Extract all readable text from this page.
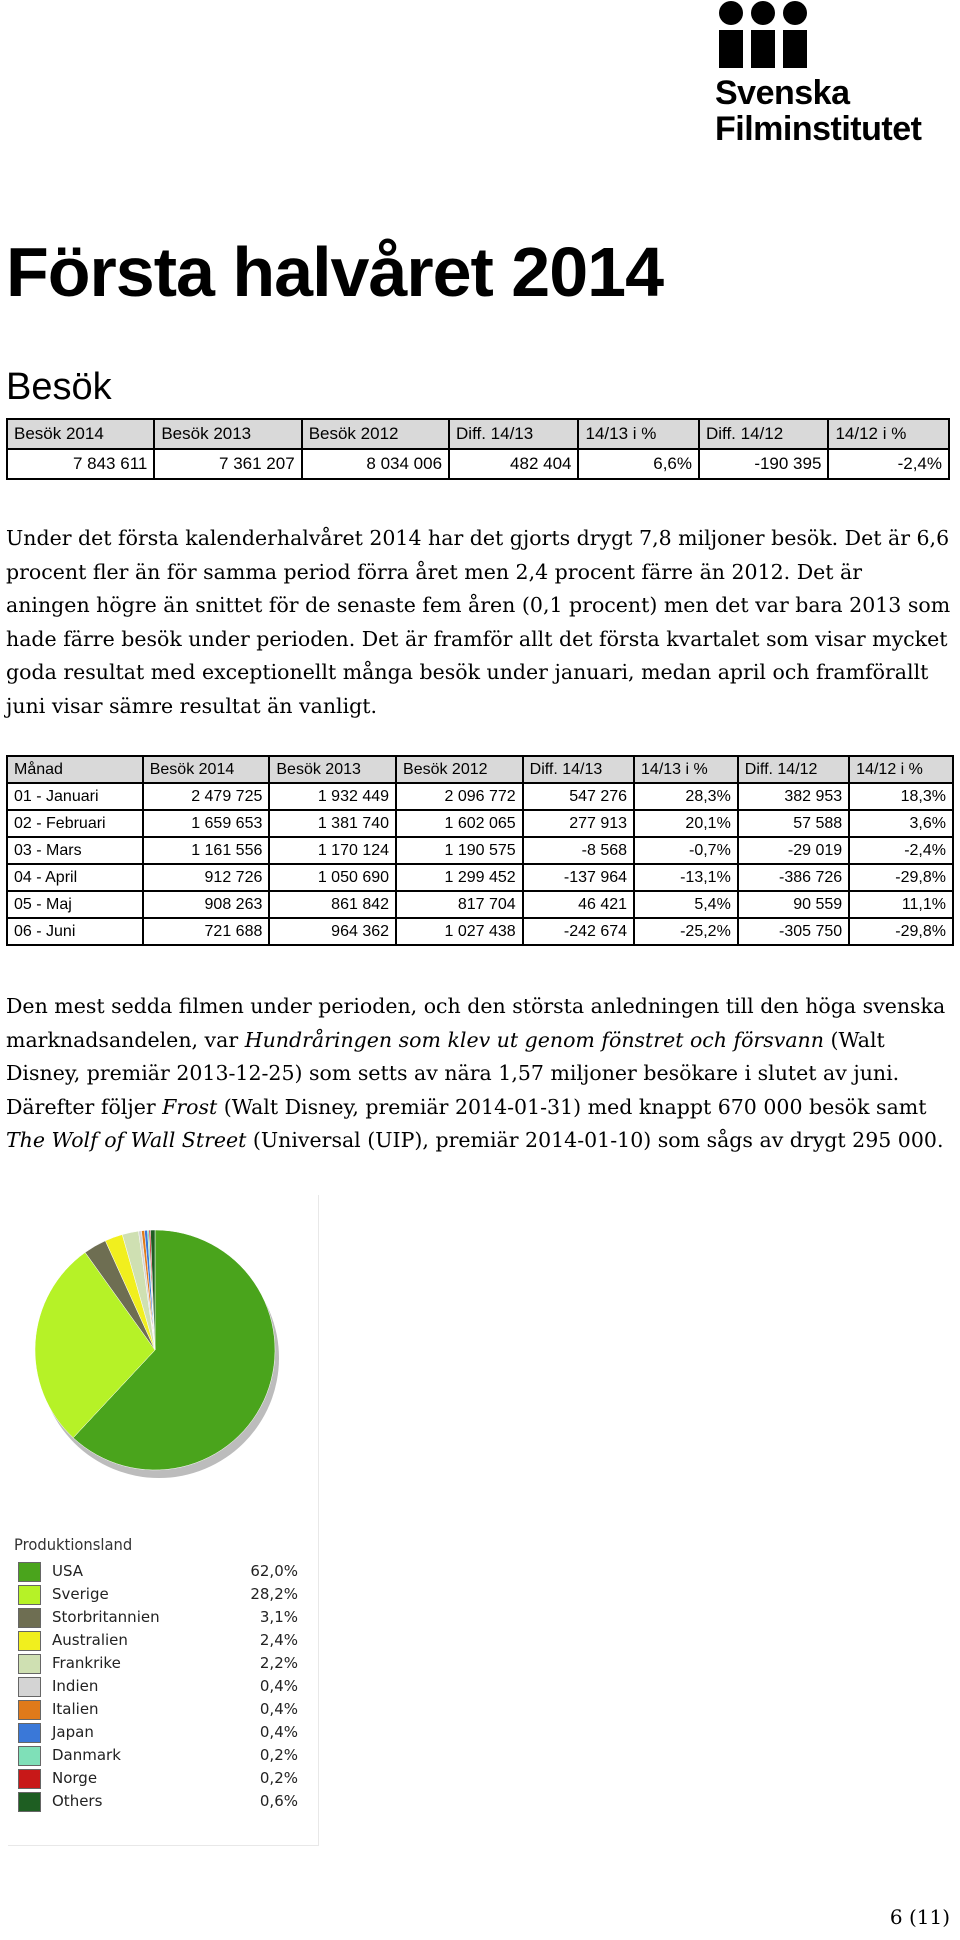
Svenska
Filminstitutet
Första halvåret 2014
Besök
Besök 2014	Besök 2013	Besök 2012	Diff. 14/13	14/13 i %	Diff. 14/12	14/12 i %
7 843 611	7 361 207	8 034 006	482 404	6,6%	-190 395	-2,4%

Under det första kalenderhalvåret 2014 har det gjorts drygt 7,8 miljoner besök. Det är 6,6 procent fler än för samma period förra året men 2,4 procent färre än 2012. Det är aningen högre än snittet för de senaste fem åren (0,1 procent) men det var bara 2013 som hade färre besök under perioden. Det är framför allt det första kvartalet som visar mycket goda resultat med exceptionellt många besök under januari, medan april och framförallt juni visar sämre resultat än vanligt.

Månad	Besök 2014	Besök 2013	Besök 2012	Diff. 14/13	14/13 i %	Diff. 14/12	14/12 i %
01 - Januari	2 479 725	1 932 449	2 096 772	547 276	28,3%	382 953	18,3%
02 - Februari	1 659 653	1 381 740	1 602 065	277 913	20,1%	57 588	3,6%
03 - Mars	1 161 556	1 170 124	1 190 575	-8 568	-0,7%	-29 019	-2,4%
04 - April	912 726	1 050 690	1 299 452	-137 964	-13,1%	-386 726	-29,8%
05 - Maj	908 263	861 842	817 704	46 421	5,4%	90 559	11,1%
06 - Juni	721 688	964 362	1 027 438	-242 674	-25,2%	-305 750	-29,8%

Den mest sedda filmen under perioden, och den största anledningen till den höga svenska marknadsandelen, var Hundråringen som klev ut genom fönstret och försvann (Walt Disney, premiär 2013-12-25) som setts av nära 1,57 miljoner besökare i slutet av juni. Därefter följer Frost (Walt Disney, premiär 2014-01-31) med knappt 670 000 besök samt The Wolf of Wall Street (Universal (UIP), premiär 2014-01-10) som sågs av drygt 295 000.

Produktionsland
USA	62,0%
Sverige	28,2%
Storbritannien	3,1%
Australien	2,4%
Frankrike	2,2%
Indien	0,4%
Italien	0,4%
Japan	0,4%
Danmark	0,2%
Norge	0,2%
Others	0,6%
6 (11)
